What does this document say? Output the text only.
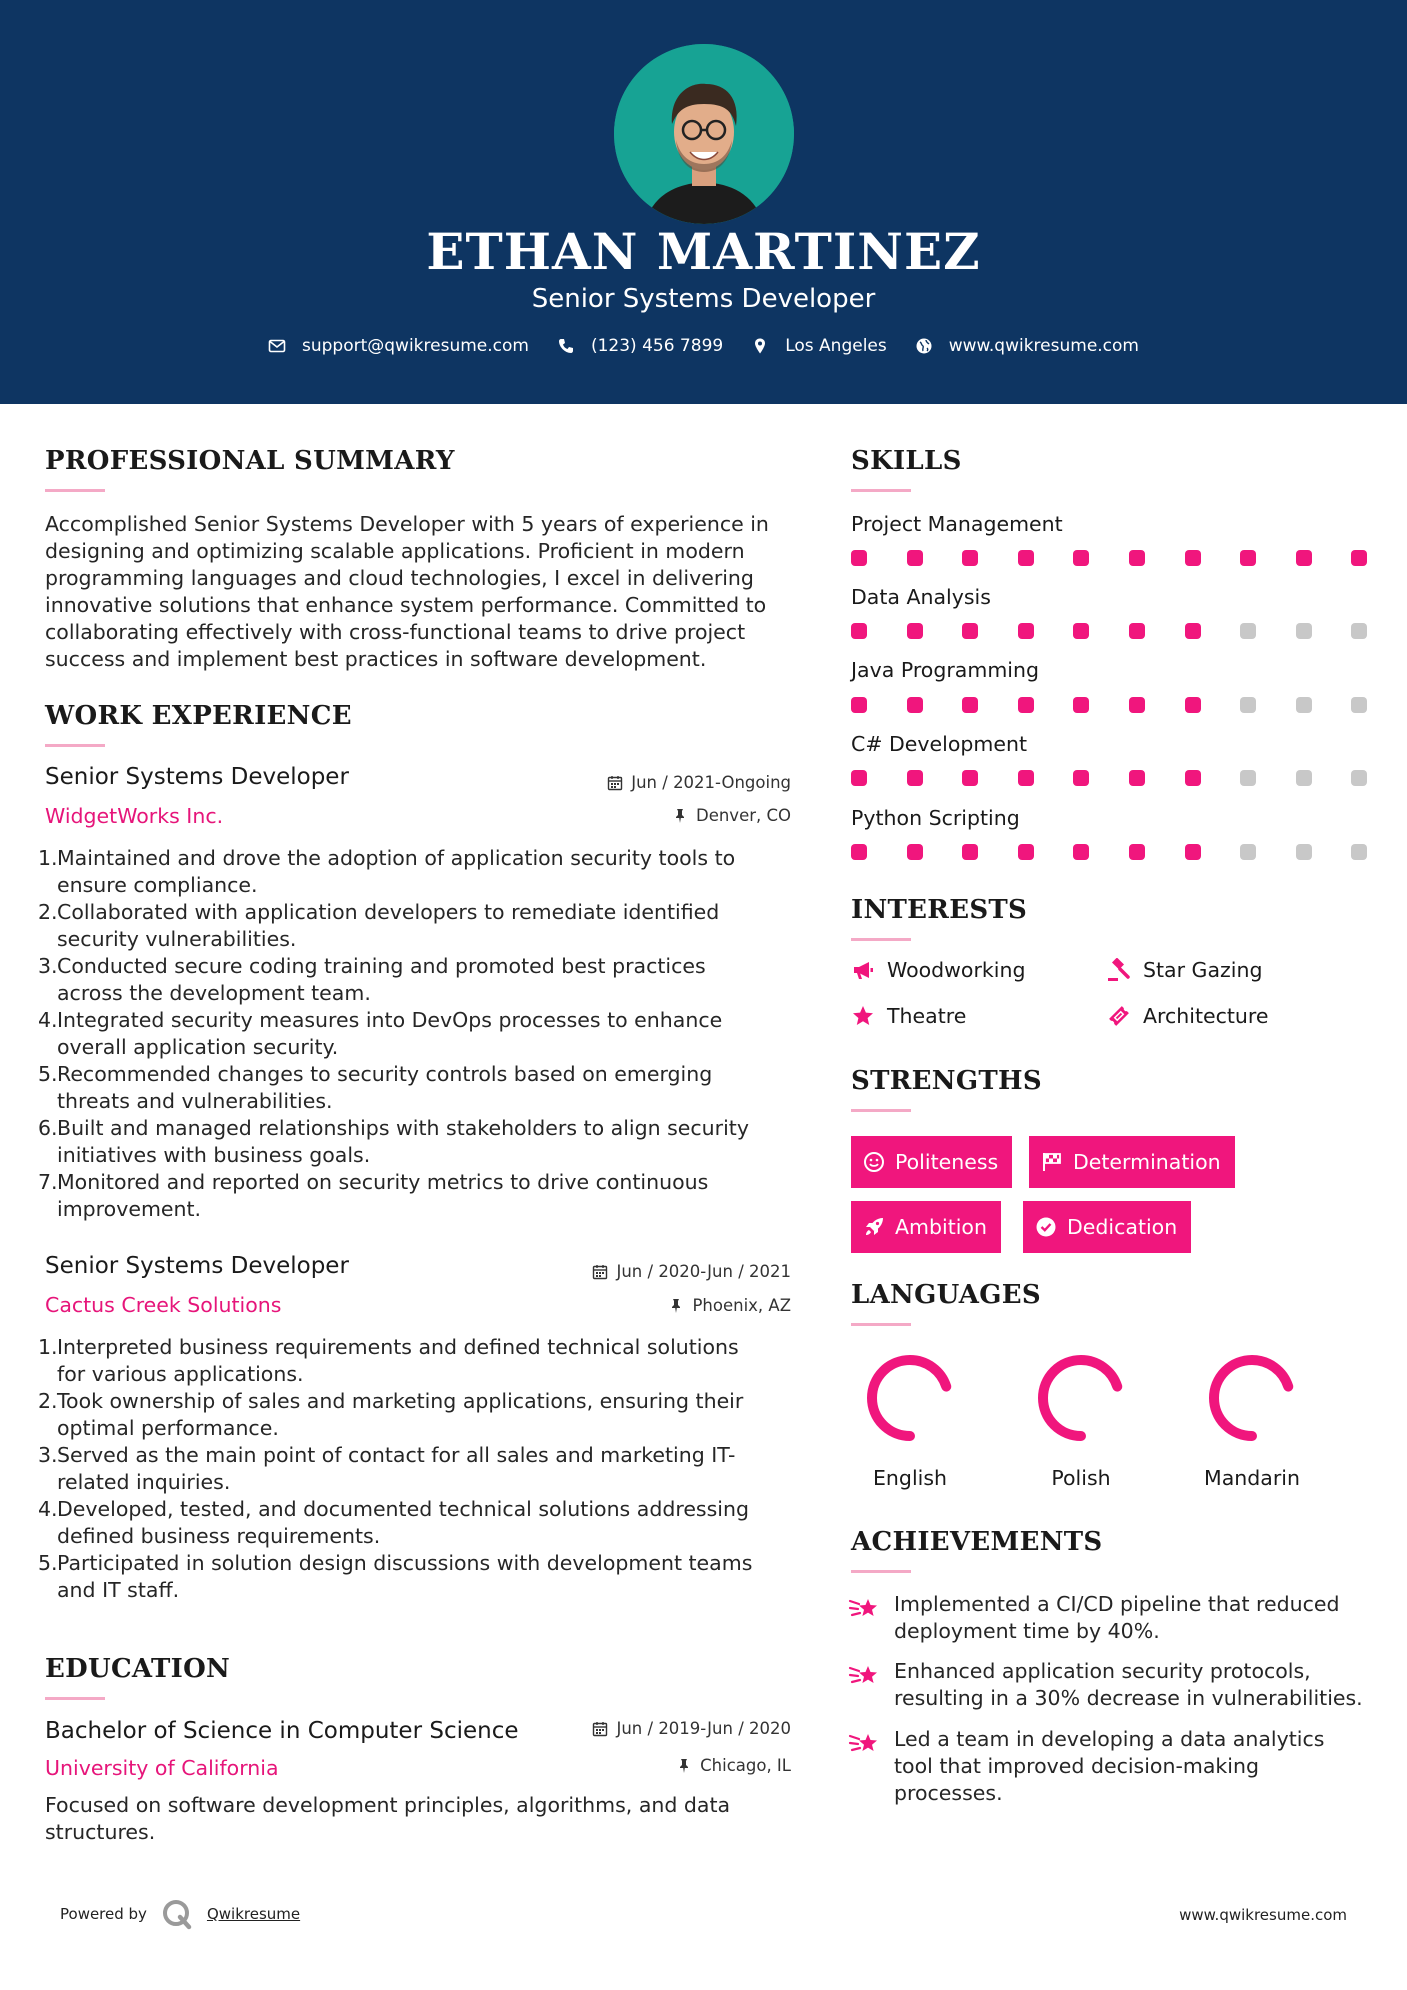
ETHAN MARTINEZ
Senior Systems Developer
support@qwikresume.com	(123) 456 7899	Los Angeles	www.qwikresume.com
PROFESSIONAL SUMMARY
Accomplished Senior Systems Developer with 5 years of experience in
designing and optimizing scalable applications. Proficient in modern
programming languages and cloud technologies, I excel in delivering
innovative solutions that enhance system performance. Committed to
collaborating effectively with cross-functional teams to drive project
success and implement best practices in software development.
WORK EXPERIENCE
Senior Systems Developer	Jun / 2021-Ongoing
WidgetWorks Inc.	Denver, CO
1. Maintained and drove the adoption of application security tools to
ensure compliance.
2. Collaborated with application developers to remediate identified
security vulnerabilities.
3. Conducted secure coding training and promoted best practices
across the development team.
4. Integrated security measures into DevOps processes to enhance
overall application security.
5. Recommended changes to security controls based on emerging
threats and vulnerabilities.
6. Built and managed relationships with stakeholders to align security
initiatives with business goals.
7. Monitored and reported on security metrics to drive continuous
improvement.
Senior Systems Developer	Jun / 2020-Jun / 2021
Cactus Creek Solutions	Phoenix, AZ
1. Interpreted business requirements and defined technical solutions
for various applications.
2. Took ownership of sales and marketing applications, ensuring their
optimal performance.
3. Served as the main point of contact for all sales and marketing IT-
related inquiries.
4. Developed, tested, and documented technical solutions addressing
defined business requirements.
5. Participated in solution design discussions with development teams
and IT staff.
EDUCATION
Bachelor of Science in Computer Science	Jun / 2019-Jun / 2020
University of California	Chicago, IL
Focused on software development principles, algorithms, and data
structures.
SKILLS
Project Management
Data Analysis
Java Programming
C# Development
Python Scripting
INTERESTS
Woodworking	Star Gazing
Theatre	Architecture
STRENGTHS
Politeness	Determination
Ambition	Dedication
LANGUAGES
English	Polish	Mandarin
ACHIEVEMENTS
Implemented a CI/CD pipeline that reduced
deployment time by 40%.
Enhanced application security protocols,
resulting in a 30% decrease in vulnerabilities.
Led a team in developing a data analytics
tool that improved decision-making
processes.
Powered by	Qwikresume	www.qwikresume.com
